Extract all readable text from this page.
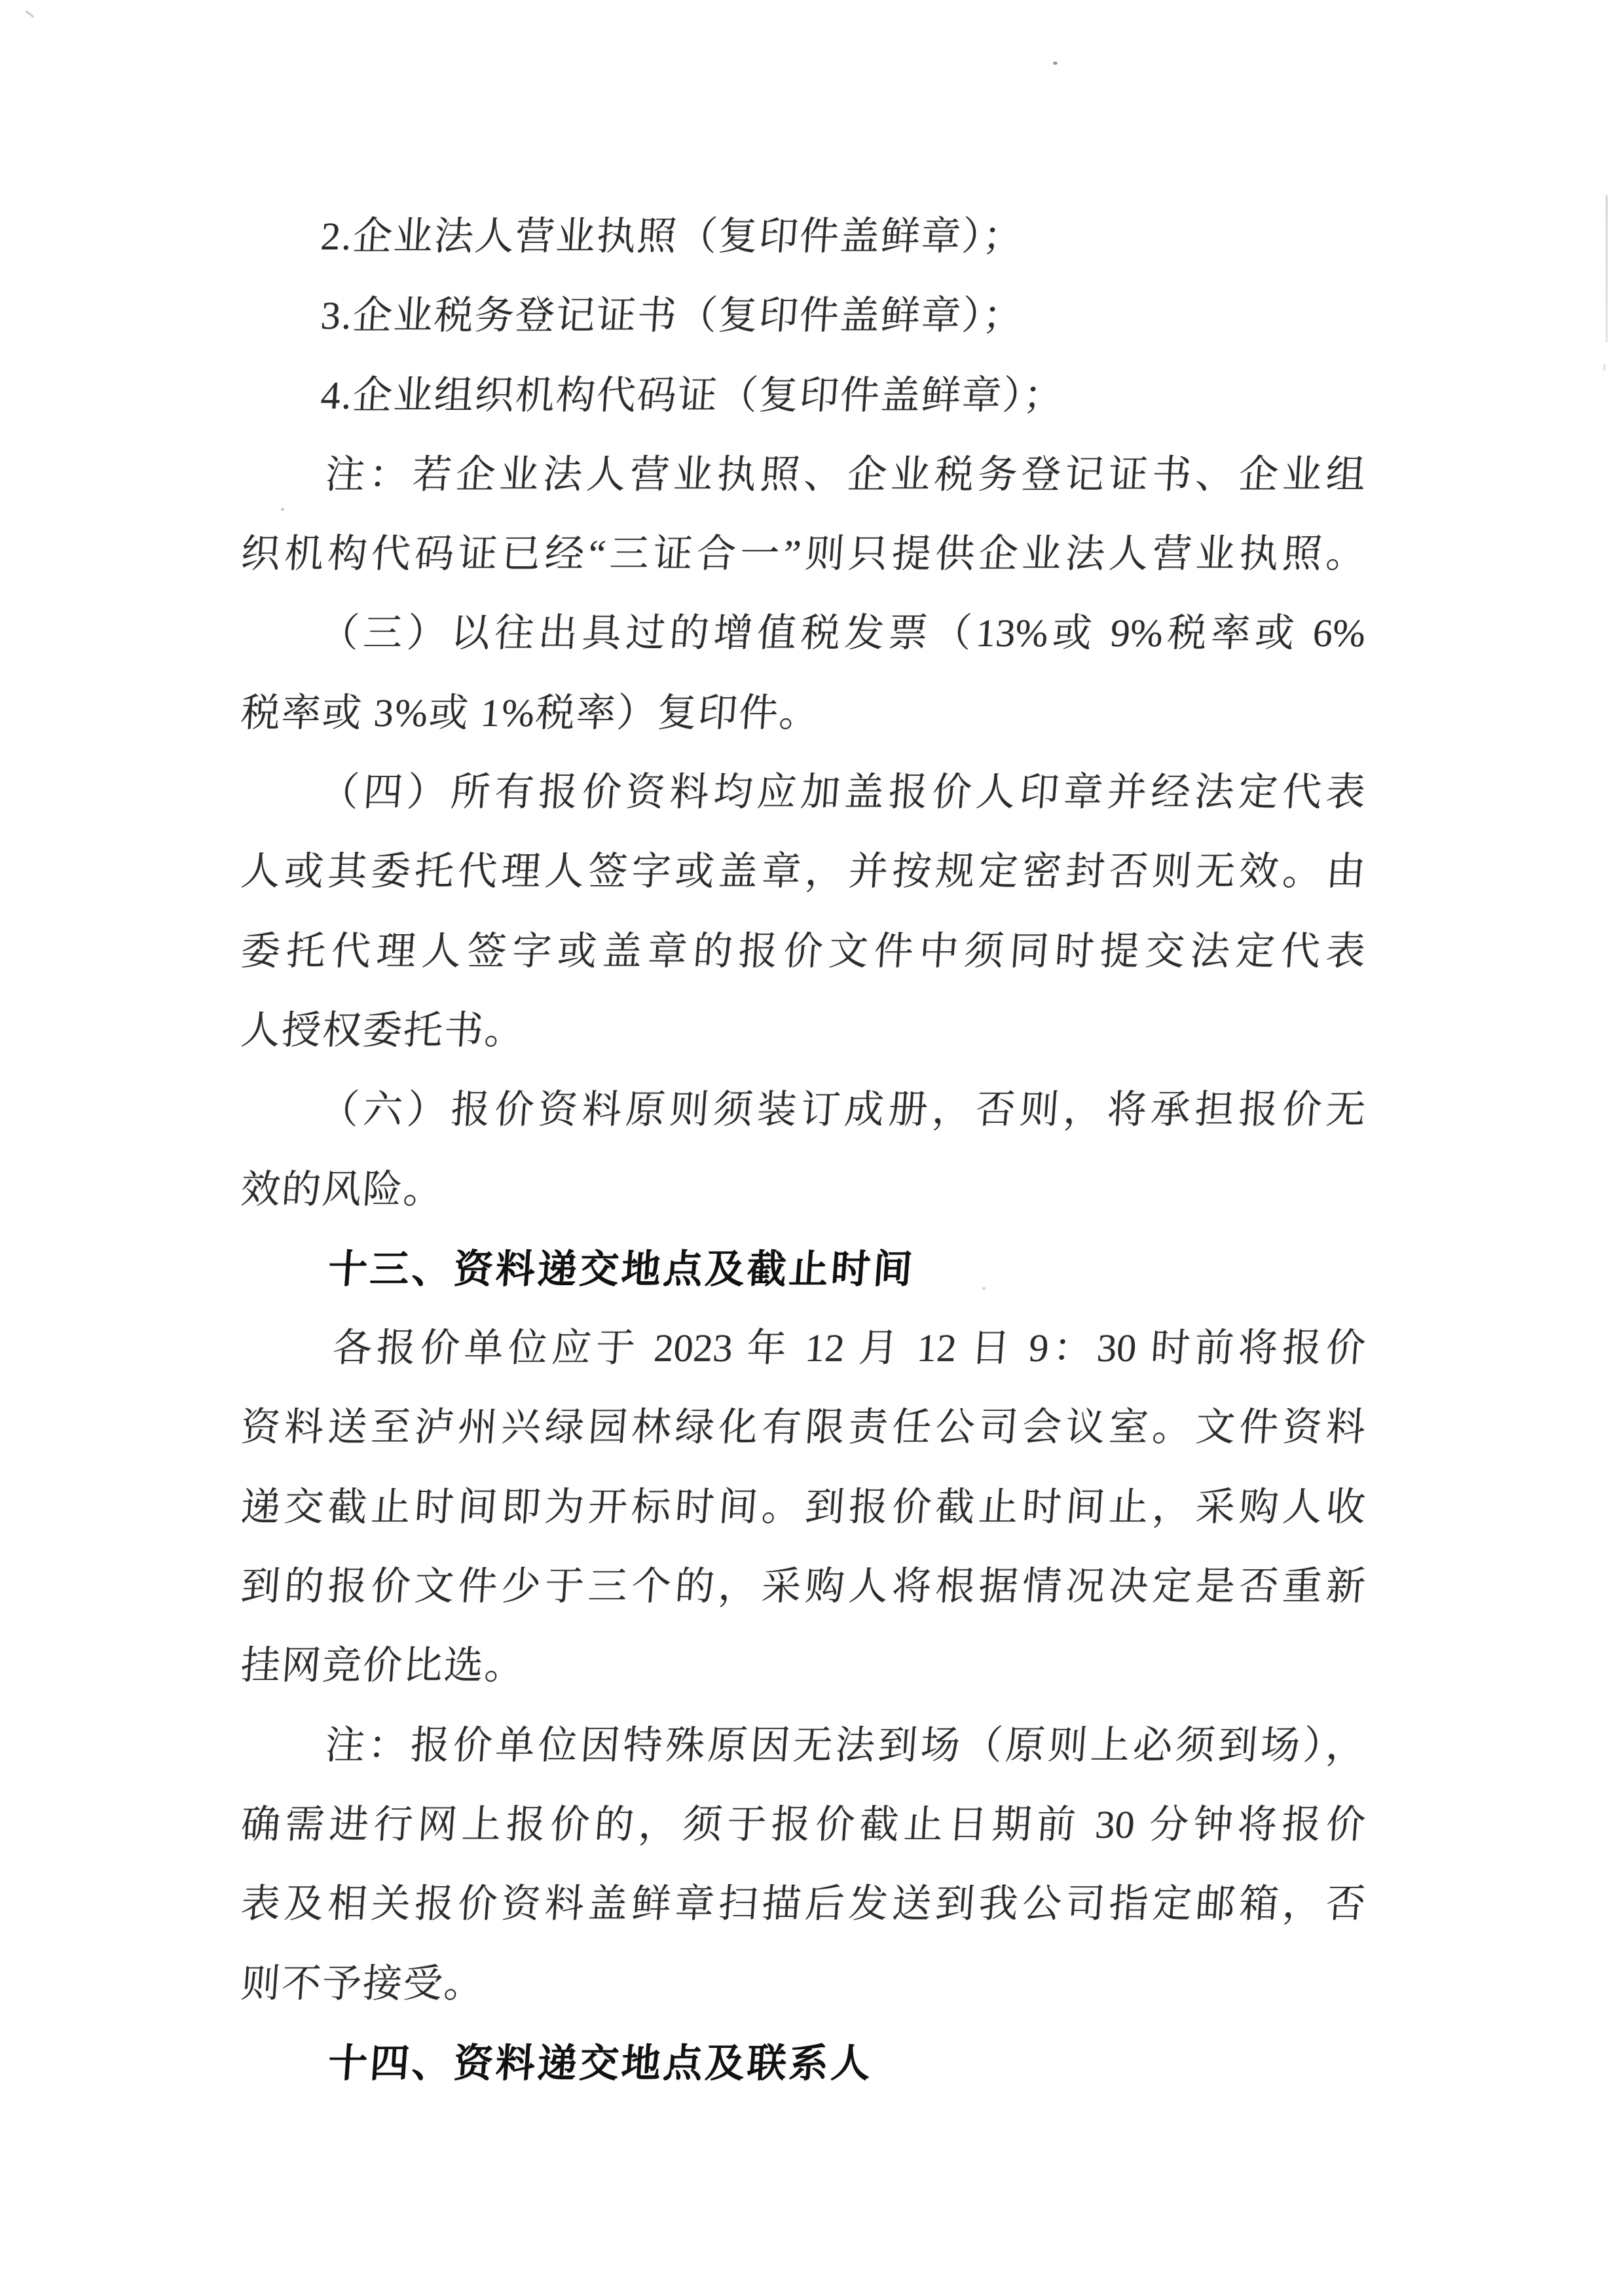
2.企业法人营业执照（复印件盖鲜章）；
3.企业税务登记证书（复印件盖鲜章）；
4.企业组织机构代码证（复印件盖鲜章）；
注：若企业法人营业执照、企业税务登记证书、企业组
织机构代码证已经“三证合一”则只提供企业法人营业执照。
（三）以往出具过的增值税发票（13%或 9%税率或 6%
税率或 3%或 1%税率）复印件。
（四）所有报价资料均应加盖报价人印章并经法定代表
人或其委托代理人签字或盖章，并按规定密封否则无效。由
委托代理人签字或盖章的报价文件中须同时提交法定代表
人授权委托书。
（六）报价资料原则须装订成册，否则，将承担报价无
效的风险。
十三、资料递交地点及截止时间
各报价单位应于 2023 年 12 月 12 日 9：30 时前将报价
资料送至泸州兴绿园林绿化有限责任公司会议室。文件资料
递交截止时间即为开标时间。到报价截止时间止，采购人收
到的报价文件少于三个的，采购人将根据情况决定是否重新
挂网竞价比选。
注：报价单位因特殊原因无法到场（原则上必须到场），
确需进行网上报价的，须于报价截止日期前 30 分钟将报价
表及相关报价资料盖鲜章扫描后发送到我公司指定邮箱，否
则不予接受。
十四、资料递交地点及联系人
